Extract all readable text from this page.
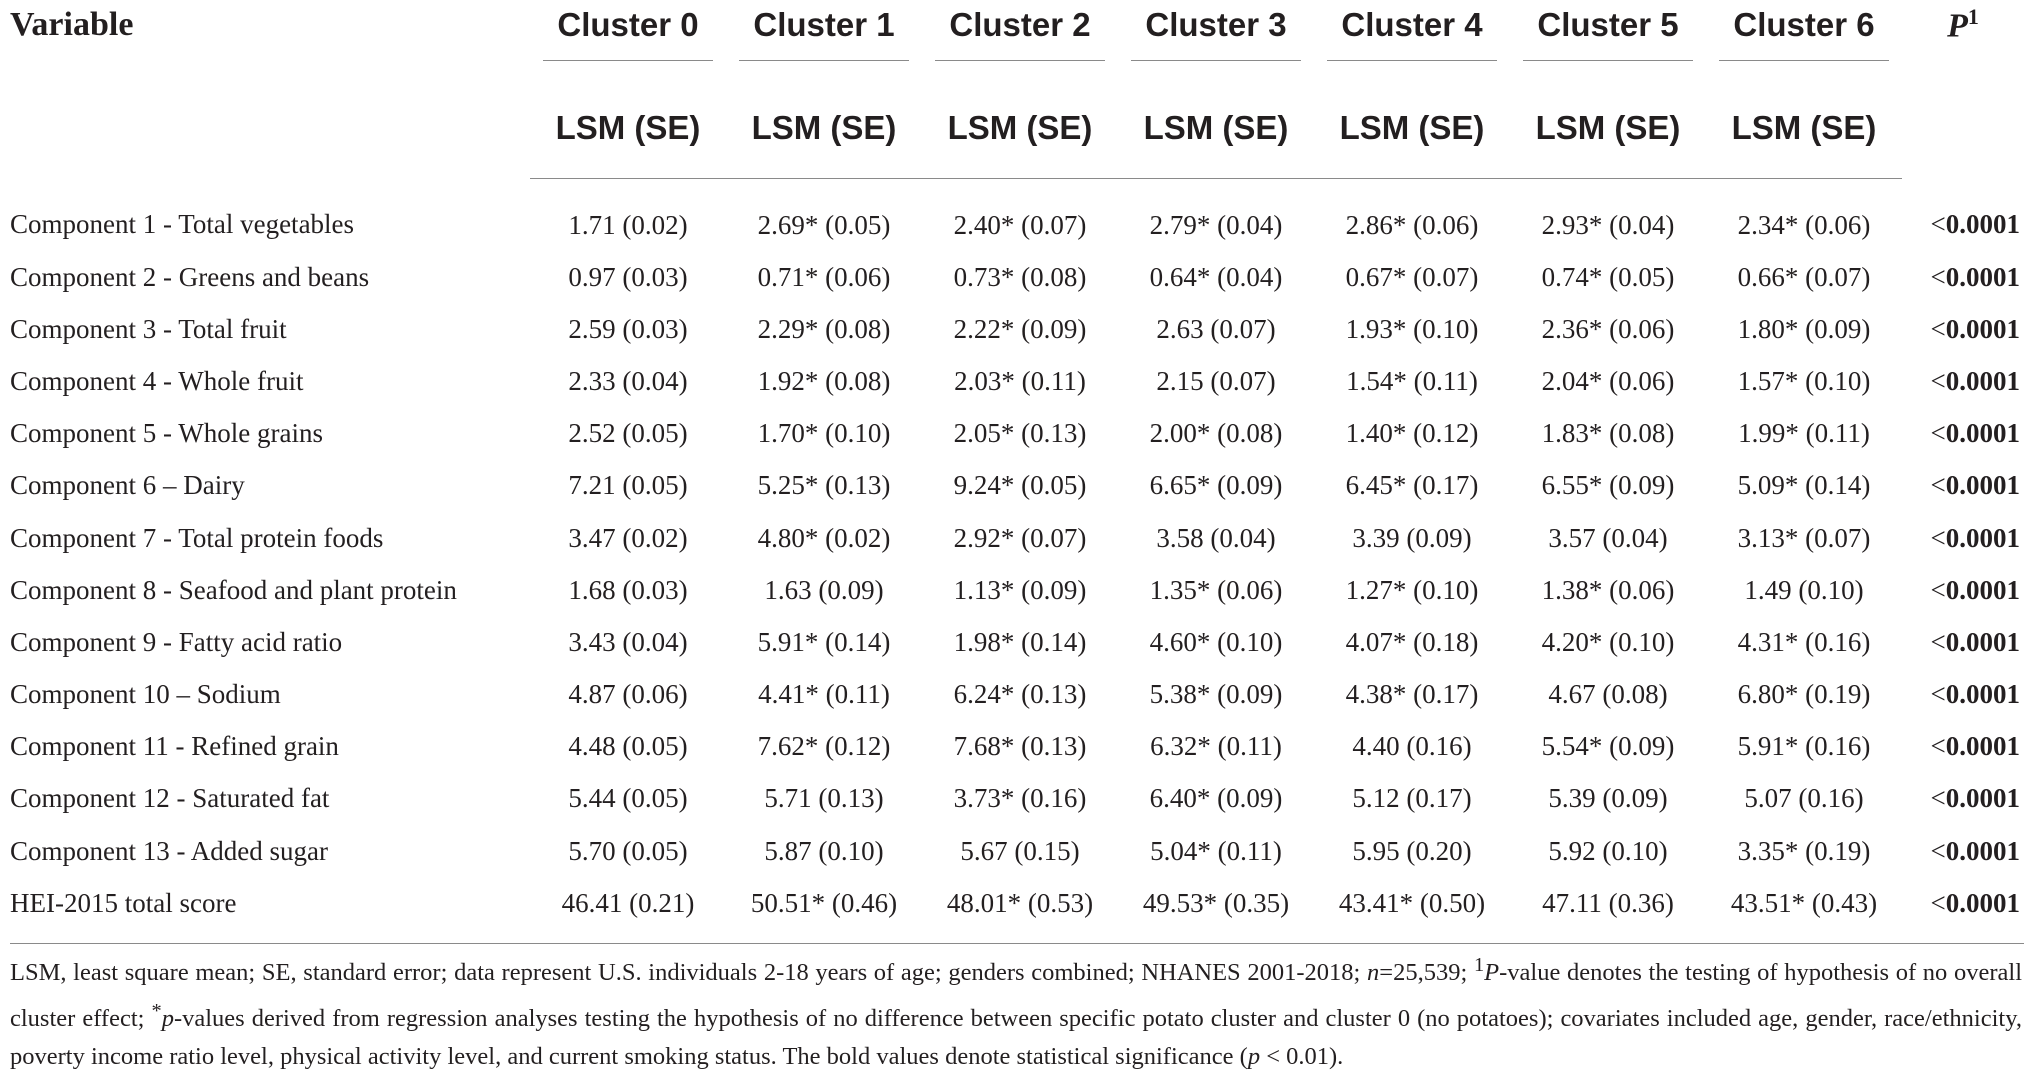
Variable	Cluster 0	Cluster 1	Cluster 2	Cluster 3	Cluster 4	Cluster 5	Cluster 6	$P^1$
	LSM (SE)	LSM (SE)	LSM (SE)	LSM (SE)	LSM (SE)	LSM (SE)	LSM (SE)	
Component 1 - Total vegetables	1.71 (0.02)	2.69* (0.05)	2.40* (0.07)	2.79* (0.04)	2.86* (0.06)	2.93* (0.04)	2.34* (0.06)	<0.0001
Component 2 - Greens and beans	0.97 (0.03)	0.71* (0.06)	0.73* (0.08)	0.64* (0.04)	0.67* (0.07)	0.74* (0.05)	0.66* (0.07)	<0.0001
Component 3 - Total fruit	2.59 (0.03)	2.29* (0.08)	2.22* (0.09)	2.63 (0.07)	1.93* (0.10)	2.36* (0.06)	1.80* (0.09)	<0.0001
Component 4 - Whole fruit	2.33 (0.04)	1.92* (0.08)	2.03* (0.11)	2.15 (0.07)	1.54* (0.11)	2.04* (0.06)	1.57* (0.10)	<0.0001
Component 5 - Whole grains	2.52 (0.05)	1.70* (0.10)	2.05* (0.13)	2.00* (0.08)	1.40* (0.12)	1.83* (0.08)	1.99* (0.11)	<0.0001
Component 6 – Dairy	7.21 (0.05)	5.25* (0.13)	9.24* (0.05)	6.65* (0.09)	6.45* (0.17)	6.55* (0.09)	5.09* (0.14)	<0.0001
Component 7 - Total protein foods	3.47 (0.02)	4.80* (0.02)	2.92* (0.07)	3.58 (0.04)	3.39 (0.09)	3.57 (0.04)	3.13* (0.07)	<0.0001
Component 8 - Seafood and plant protein	1.68 (0.03)	1.63 (0.09)	1.13* (0.09)	1.35* (0.06)	1.27* (0.10)	1.38* (0.06)	1.49 (0.10)	<0.0001
Component 9 - Fatty acid ratio	3.43 (0.04)	5.91* (0.14)	1.98* (0.14)	4.60* (0.10)	4.07* (0.18)	4.20* (0.10)	4.31* (0.16)	<0.0001
Component 10 – Sodium	4.87 (0.06)	4.41* (0.11)	6.24* (0.13)	5.38* (0.09)	4.38* (0.17)	4.67 (0.08)	6.80* (0.19)	<0.0001
Component 11 - Refined grain	4.48 (0.05)	7.62* (0.12)	7.68* (0.13)	6.32* (0.11)	4.40 (0.16)	5.54* (0.09)	5.91* (0.16)	<0.0001
Component 12 - Saturated fat	5.44 (0.05)	5.71 (0.13)	3.73* (0.16)	6.40* (0.09)	5.12 (0.17)	5.39 (0.09)	5.07 (0.16)	<0.0001
Component 13 - Added sugar	5.70 (0.05)	5.87 (0.10)	5.67 (0.15)	5.04* (0.11)	5.95 (0.20)	5.92 (0.10)	3.35* (0.19)	<0.0001
HEI-2015 total score	46.41 (0.21)	50.51* (0.46)	48.01* (0.53)	49.53* (0.35)	43.41* (0.50)	47.11 (0.36)	43.51* (0.43)	<0.0001
LSM, least square mean; SE, standard error; data represent U.S. individuals 2-18 years of age; genders combined; NHANES 2001-2018; n=25,539; $^1$P-value denotes the testing of hypothesis of no overall cluster effect; *p-values derived from regression analyses testing the hypothesis of no difference between specific potato cluster and cluster 0 (no potatoes); covariates included age, gender, race/ethnicity, poverty income ratio level, physical activity level, and current smoking status. The bold values denote statistical significance (p < 0.01).
